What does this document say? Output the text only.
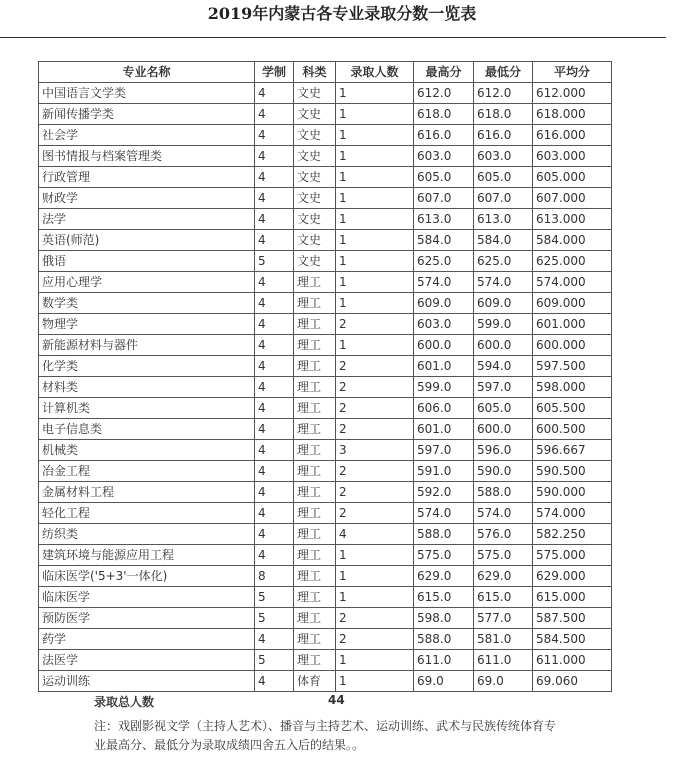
2019年内蒙古各专业录取分数一览表
专业名称	学制	科类	录取人数	最高分	最低分	平均分
中国语言文学类	4	文史	1	612.0	612.0	612.000
新闻传播学类	4	文史	1	618.0	618.0	618.000
社会学	4	文史	1	616.0	616.0	616.000
图书情报与档案管理类	4	文史	1	603.0	603.0	603.000
行政管理	4	文史	1	605.0	605.0	605.000
财政学	4	文史	1	607.0	607.0	607.000
法学	4	文史	1	613.0	613.0	613.000
英语(师范)	4	文史	1	584.0	584.0	584.000
俄语	5	文史	1	625.0	625.0	625.000
应用心理学	4	理工	1	574.0	574.0	574.000
数学类	4	理工	1	609.0	609.0	609.000
物理学	4	理工	2	603.0	599.0	601.000
新能源材料与器件	4	理工	1	600.0	600.0	600.000
化学类	4	理工	2	601.0	594.0	597.500
材料类	4	理工	2	599.0	597.0	598.000
计算机类	4	理工	2	606.0	605.0	605.500
电子信息类	4	理工	2	601.0	600.0	600.500
机械类	4	理工	3	597.0	596.0	596.667
冶金工程	4	理工	2	591.0	590.0	590.500
金属材料工程	4	理工	2	592.0	588.0	590.000
轻化工程	4	理工	2	574.0	574.0	574.000
纺织类	4	理工	4	588.0	576.0	582.250
建筑环境与能源应用工程	4	理工	1	575.0	575.0	575.000
临床医学('5+3'一体化)	8	理工	1	629.0	629.0	629.000
临床医学	5	理工	1	615.0	615.0	615.000
预防医学	5	理工	2	598.0	577.0	587.500
药学	4	理工	2	588.0	581.0	584.500
法医学	5	理工	1	611.0	611.0	611.000
运动训练	4	体育	1	69.0	69.0	69.060
录取总人数	44
注：戏剧影视文学（主持人艺术）、播音与主持艺术、运动训练、武术与民族传统体育专业最高分、最低分为录取成绩四舍五入后的结果。。
